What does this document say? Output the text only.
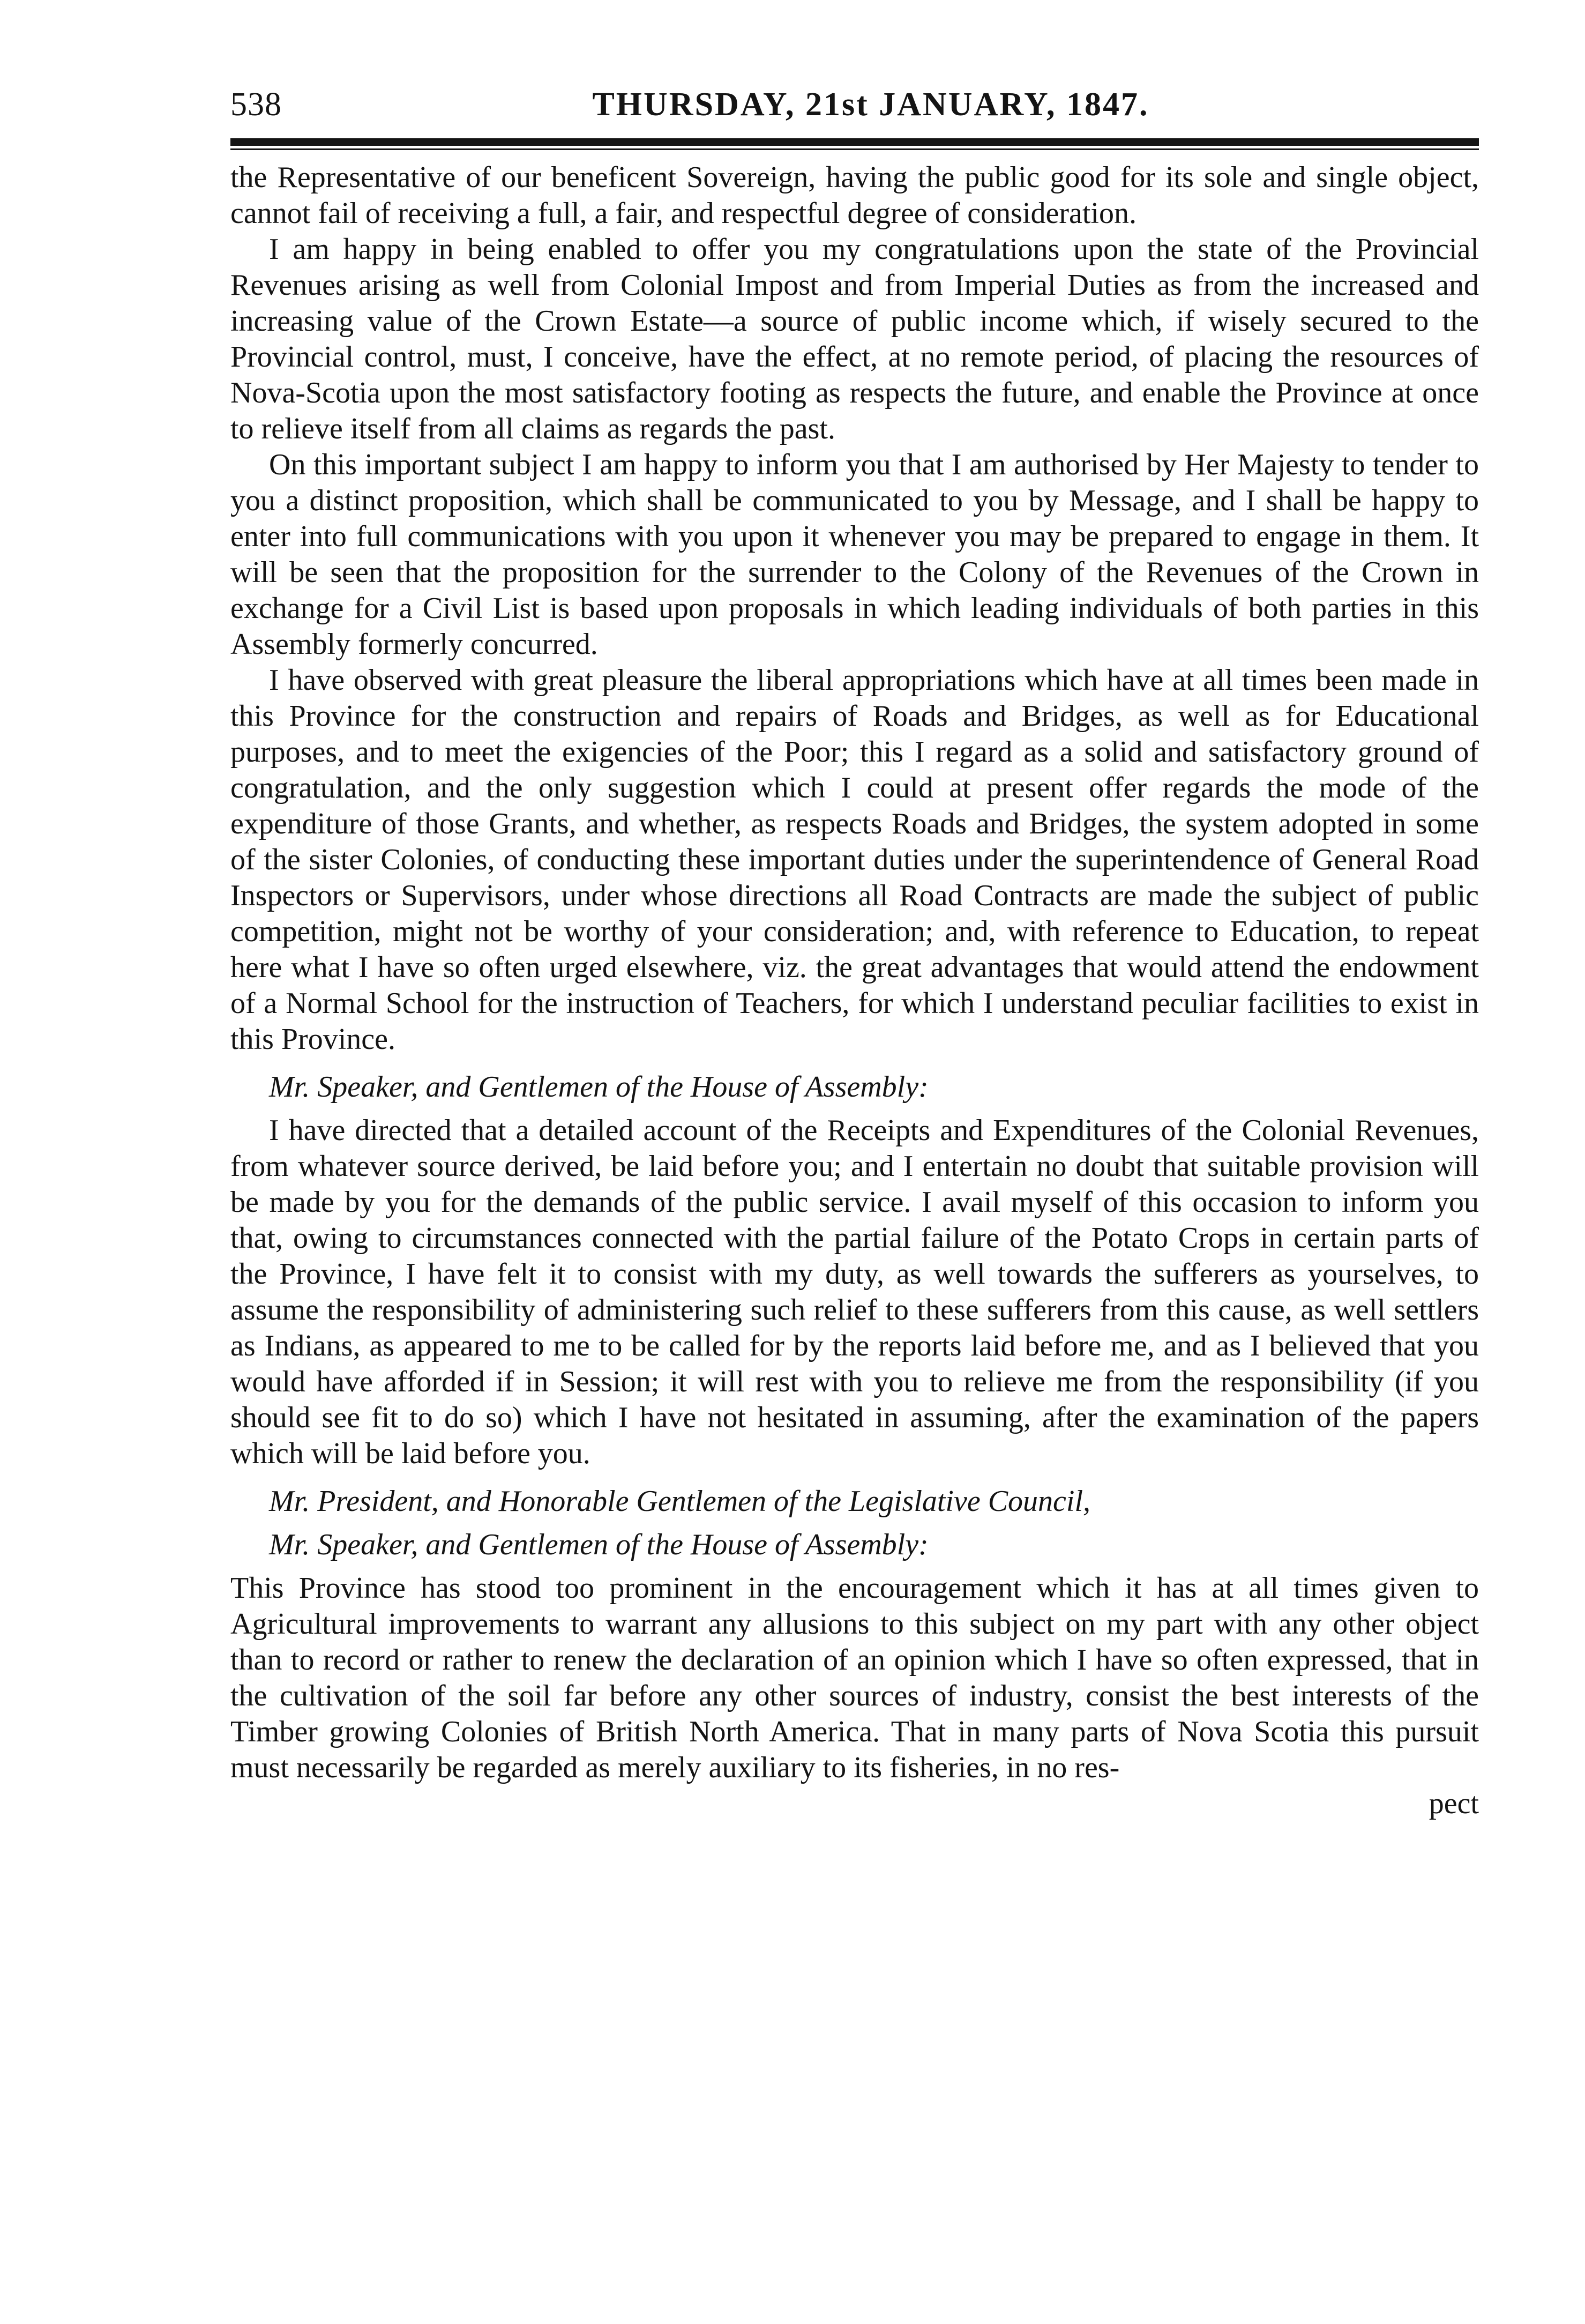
538	THURSDAY, 21st JANUARY, 1847.

the Representative of our beneficent Sovereign, having the public good for its sole and single object, cannot fail of receiving a full, a fair, and respectful degree of consideration.

I am happy in being enabled to offer you my congratulations upon the state of the Provincial Revenues arising as well from Colonial Impost and from Imperial Duties as from the increased and increasing value of the Crown Estate—a source of public income which, if wisely secured to the Provincial control, must, I conceive, have the effect, at no remote period, of placing the resources of Nova-Scotia upon the most satisfactory footing as respects the future, and enable the Province at once to relieve itself from all claims as regards the past.

On this important subject I am happy to inform you that I am authorised by Her Majesty to tender to you a distinct proposition, which shall be communicated to you by Message, and I shall be happy to enter into full communications with you upon it whenever you may be prepared to engage in them. It will be seen that the proposition for the surrender to the Colony of the Revenues of the Crown in exchange for a Civil List is based upon proposals in which leading individuals of both parties in this Assembly formerly concurred.

I have observed with great pleasure the liberal appropriations which have at all times been made in this Province for the construction and repairs of Roads and Bridges, as well as for Educational purposes, and to meet the exigencies of the Poor; this I regard as a solid and satisfactory ground of congratulation, and the only suggestion which I could at present offer regards the mode of the expenditure of those Grants, and whether, as respects Roads and Bridges, the system adopted in some of the sister Colonies, of conducting these important duties under the superintendence of General Road Inspectors or Supervisors, under whose directions all Road Contracts are made the subject of public competition, might not be worthy of your consideration; and, with reference to Education, to repeat here what I have so often urged elsewhere, viz. the great advantages that would attend the endowment of a Normal School for the instruction of Teachers, for which I understand peculiar facilities to exist in this Province.

Mr. Speaker, and Gentlemen of the House of Assembly:

I have directed that a detailed account of the Receipts and Expenditures of the Colonial Revenues, from whatever source derived, be laid before you; and I entertain no doubt that suitable provision will be made by you for the demands of the public service. I avail myself of this occasion to inform you that, owing to circumstances connected with the partial failure of the Potato Crops in certain parts of the Province, I have felt it to consist with my duty, as well towards the sufferers as yourselves, to assume the responsibility of administering such relief to these sufferers from this cause, as well settlers as Indians, as appeared to me to be called for by the reports laid before me, and as I believed that you would have afforded if in Session; it will rest with you to relieve me from the responsibility (if you should see fit to do so) which I have not hesitated in assuming, after the examination of the papers which will be laid before you.

Mr. President, and Honorable Gentlemen of the Legislative Council,

Mr. Speaker, and Gentlemen of the House of Assembly:

This Province has stood too prominent in the encouragement which it has at all times given to Agricultural improvements to warrant any allusions to this subject on my part with any other object than to record or rather to renew the declaration of an opinion which I have so often expressed, that in the cultivation of the soil far before any other sources of industry, consist the best interests of the Timber growing Colonies of British North America. That in many parts of Nova Scotia this pursuit must necessarily be regarded as merely auxiliary to its fisheries, in no res-

pect
